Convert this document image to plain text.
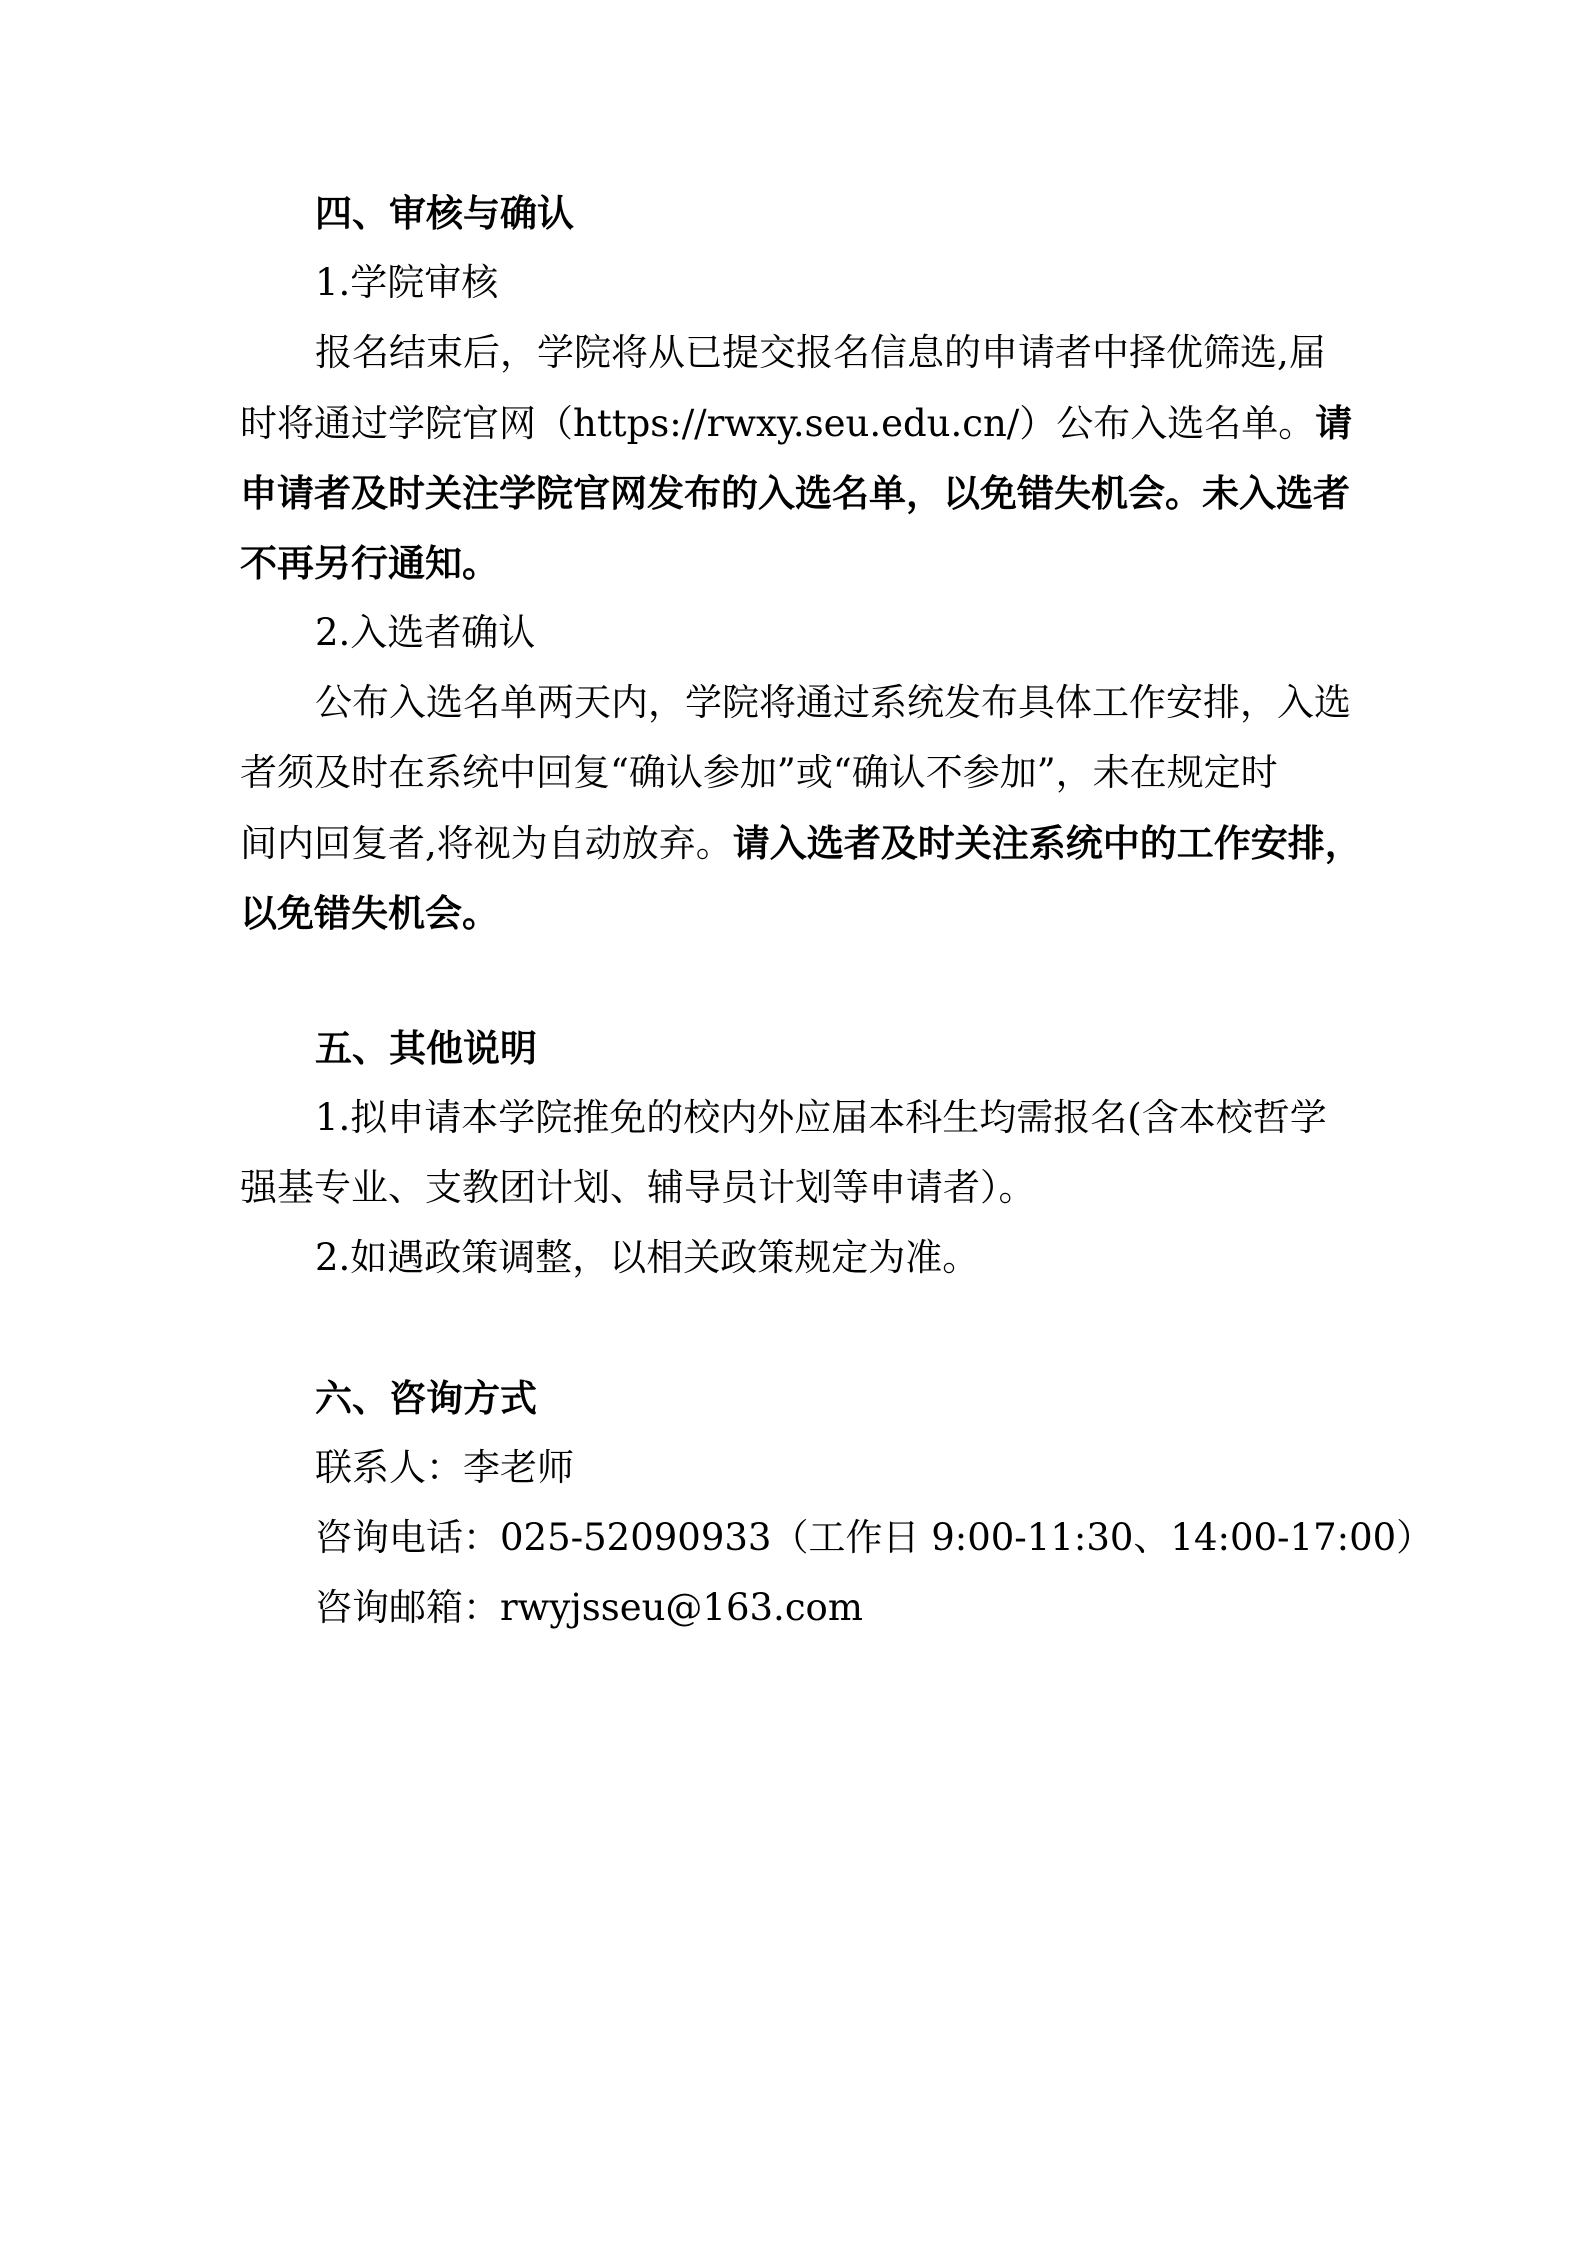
四、审核与确认
1.学院审核
报名结束后，学院将从已提交报名信息的申请者中择优筛选,届
时将通过学院官网（https://rwxy.seu.edu.cn/）公布入选名单。请
申请者及时关注学院官网发布的入选名单，以免错失机会。未入选者
不再另行通知。
2.入选者确认
公布入选名单两天内，学院将通过系统发布具体工作安排，入选
者须及时在系统中回复“确认参加”或“确认不参加”，未在规定时
间内回复者,将视为自动放弃。请入选者及时关注系统中的工作安排，
以免错失机会。
五、其他说明
1.拟申请本学院推免的校内外应届本科生均需报名(含本校哲学
强基专业、支教团计划、辅导员计划等申请者）。
2.如遇政策调整，以相关政策规定为准。
六、咨询方式
联系人：李老师
咨询电话：025-52090933（工作日 9:00-11:30、14:00-17:00）
咨询邮箱：rwyjsseu@163.com
